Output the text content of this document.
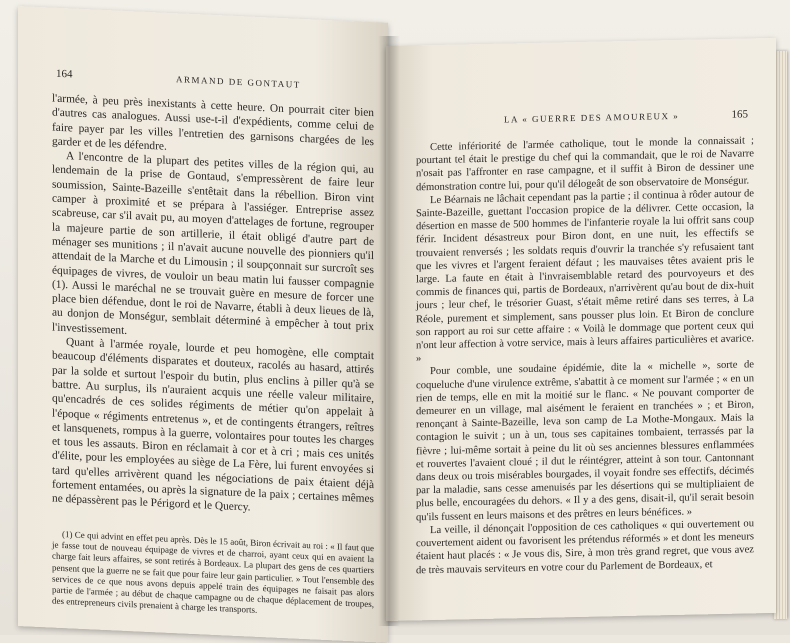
164
ARMAND DE GONTAUT

l'armée, à peu près inexistants à cette heure. On pourrait citer bien d'autres cas analogues. Aussi use-t-il d'expédients, comme celui de faire payer par les villes l'entretien des garnisons chargées de les garder et de les défendre.

A l'encontre de la plupart des petites villes de la région qui, au lendemain de la prise de Gontaud, s'empressèrent de faire leur soumission, Sainte-Bazeille s'entêtait dans la rébellion. Biron vint camper à proximité et se prépara à l'assiéger. Entreprise assez scabreuse, car s'il avait pu, au moyen d'attelages de fortune, regrouper la majeure partie de son artillerie, il était obligé d'autre part de ménager ses munitions ; il n'avait aucune nouvelle des pionniers qu'il attendait de la Marche et du Limousin ; il soupçonnait sur surcroît ses équipages de vivres, de vouloir un beau matin lui fausser compagnie (1). Aussi le maréchal ne se trouvait guère en mesure de forcer une place bien défendue, dont le roi de Navarre, établi à deux lieues de là, au donjon de Monségur, semblait déterminé à empêcher à tout prix l'investissement.

Quant à l'armée royale, lourde et peu homogène, elle comptait beaucoup d'éléments disparates et douteux, racolés au hasard, attirés par la solde et surtout l'espoir du butin, plus enclins à piller qu'à se battre. Au surplus, ils n'auraient acquis une réelle valeur militaire, qu'encadrés de ces solides régiments de métier qu'on appelait à l'époque « régiments entretenus », et de contingents étrangers, reîtres et lansquenets, rompus à la guerre, volontaires pour toutes les charges et tous les assauts. Biron en réclamait à cor et à cri ; mais ces unités d'élite, pour les employées au siège de La Fère, lui furent envoyées si tard qu'elles arrivèrent quand les négociations de paix étaient déjà fortement entamées, ou après la signature de la paix ; certaines mêmes ne dépassèrent pas le Périgord et le Quercy.

(1) Ce qui advint en effet peu après. Dès le 15 août, Biron écrivait au roi : « Il faut que je fasse tout de nouveau équipage de vivres et de charroi, ayant ceux qui en avaient la charge fait leurs affaires, se sont retirés à Bordeaux. La plupart des gens de ces quartiers pensent que la guerre ne se fait que pour faire leur gain particulier. » Tout l'ensemble des services de ce que nous avons depuis appelé train des équipages ne faisait pas alors partie de l'armée ; au début de chaque campagne ou de chaque déplacement de troupes, des entrepreneurs civils prenaient à charge les transports.

LA « GUERRE DES AMOUREUX »	165

Cette infériorité de l'armée catholique, tout le monde la connaissait ; pourtant tel était le prestige du chef qui la commandait, que le roi de Navarre n'osait pas l'affronter en rase campagne, et il suffit à Biron de dessiner une démonstration contre lui, pour qu'il délogeât de son observatoire de Monségur.

Le Béarnais ne lâchait cependant pas la partie ; il continua à rôder autour de Sainte-Bazeille, guettant l'occasion propice de la délivrer. Cette occasion, la désertion en masse de 500 hommes de l'infanterie royale la lui offrit sans coup férir. Incident désastreux pour Biron dont, en une nuit, les effectifs se trouvaient renversés ; les soldats requis d'ouvrir la tranchée s'y refusaient tant que les vivres et l'argent feraient défaut ; les mauvaises têtes avaient pris le large. La faute en était à l'invraisemblable retard des pourvoyeurs et des commis de finances qui, partis de Bordeaux, n'arrivèrent qu'au bout de dix-huit jours ; leur chef, le trésorier Guast, s'était même retiré dans ses terres, à La Réole, purement et simplement, sans pousser plus loin. Et Biron de conclure son rapport au roi sur cette affaire : « Voilà le dommage que portent ceux qui n'ont leur affection à votre service, mais à leurs affaires particulières et avarice. »

Pour comble, une soudaine épidémie, dite la « michelle », sorte de coqueluche d'une virulence extrême, s'abattit à ce moment sur l'armée ; « en un rien de temps, elle en mit la moitié sur le flanc. « Ne pouvant comporter de demeurer en un village, mal aisément le feraient en tranchées » ; et Biron, renonçant à Sainte-Bazeille, leva son camp de La Mothe-Mongaux. Mais la contagion le suivit ; un à un, tous ses capitaines tombaient, terrassés par la fièvre ; lui-même sortait à peine du lit où ses anciennes blessures enflammées et rouvertes l'avaient cloué ; il dut le réintégrer, atteint à son tour. Cantonnant dans deux ou trois misérables bourgades, il voyait fondre ses effectifs, décimés par la maladie, sans cesse amenuisés par les désertions qui se multipliaient de plus belle, encouragées du dehors. « Il y a des gens, disait-il, qu'il serait besoin qu'ils fussent en leurs maisons et des prêtres en leurs bénéfices. »

La veille, il dénonçait l'opposition de ces catholiques « qui ouvertement ou couvertement aident ou favorisent les prétendus réformés » et dont les meneurs étaient haut placés : « Je vous dis, Sire, à mon très grand regret, que vous avez de très mauvais serviteurs en votre cour du Parlement de Bordeaux, et
